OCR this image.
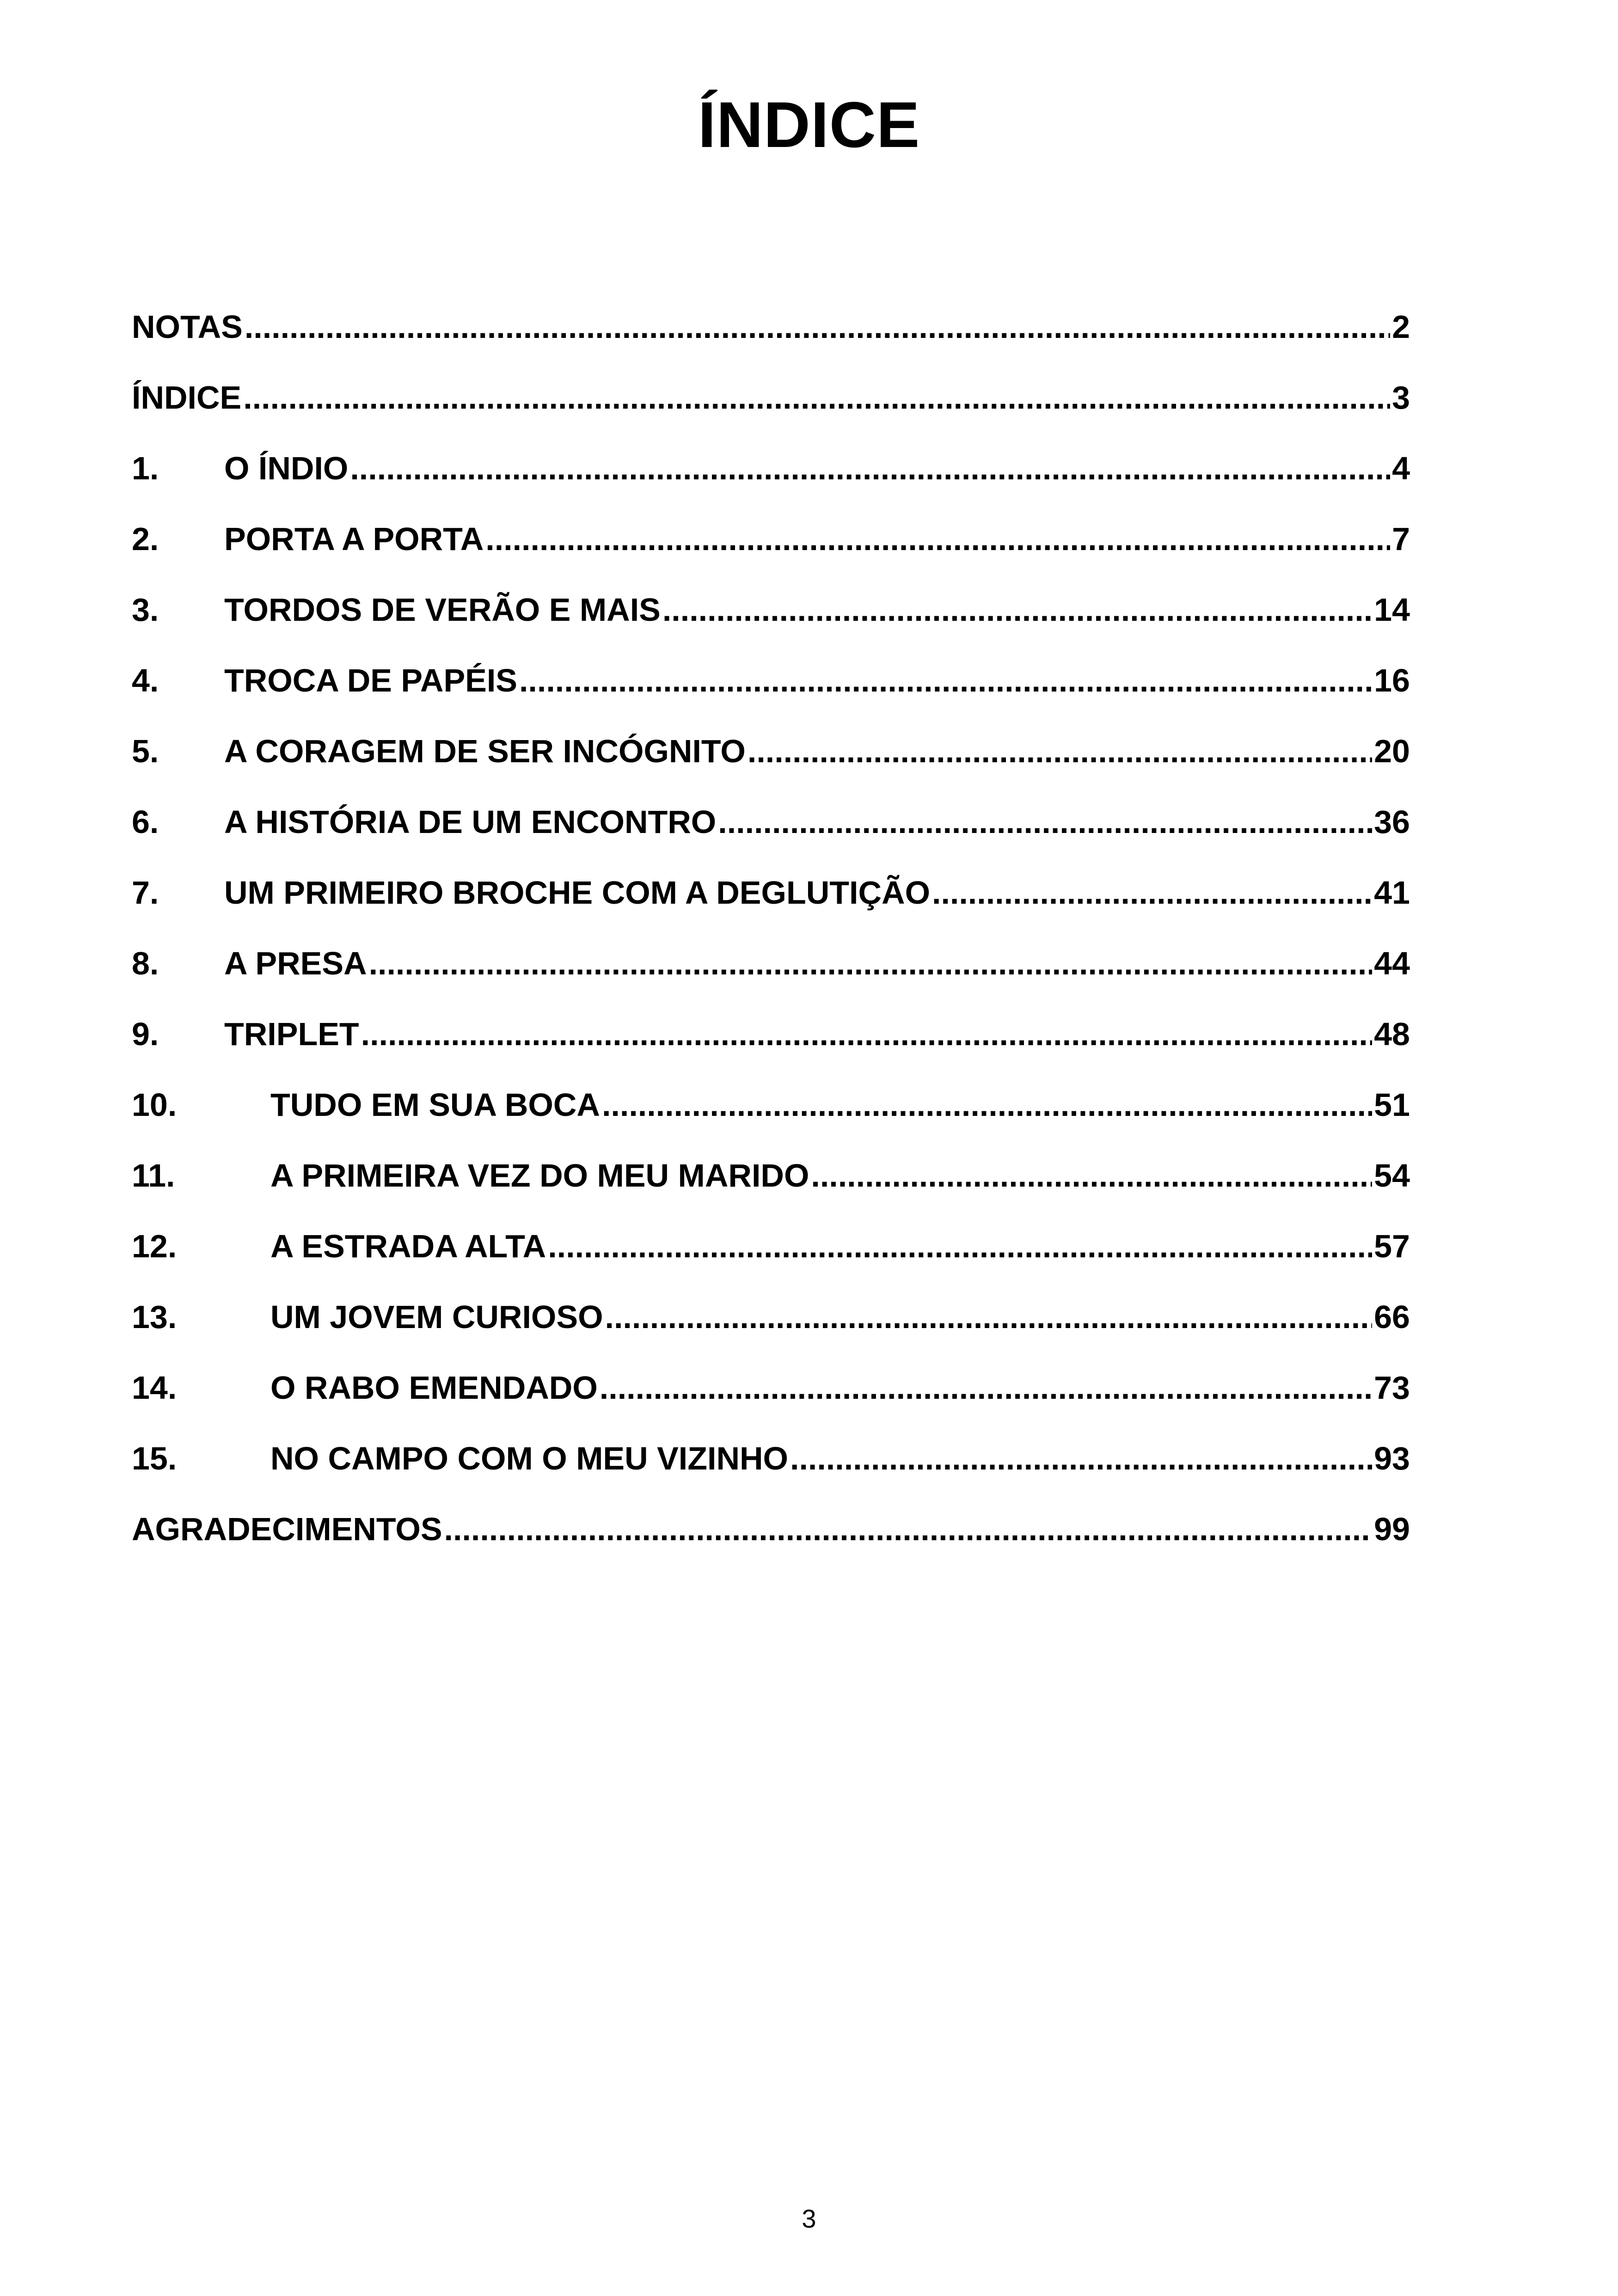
ÍNDICE
NOTAS .....	2
ÍNDICE .....	3
1.	O ÍNDIO .....	4
2.	PORTA A PORTA .....	7
3.	TORDOS DE VERÃO E MAIS .....	14
4.	TROCA DE PAPÉIS .....	16
5.	A CORAGEM DE SER INCÓGNITO .....	20
6.	A HISTÓRIA DE UM ENCONTRO .....	36
7.	UM PRIMEIRO BROCHE COM A DEGLUTIÇÃO .....	41
8.	A PRESA .....	44
9.	TRIPLET .....	48
10.	TUDO EM SUA BOCA .....	51
11.	A PRIMEIRA VEZ DO MEU MARIDO .....	54
12.	A ESTRADA ALTA .....	57
13.	UM JOVEM CURIOSO .....	66
14.	O RABO EMENDADO .....	73
15.	NO CAMPO COM O MEU VIZINHO .....	93
AGRADECIMENTOS .....	99
3
